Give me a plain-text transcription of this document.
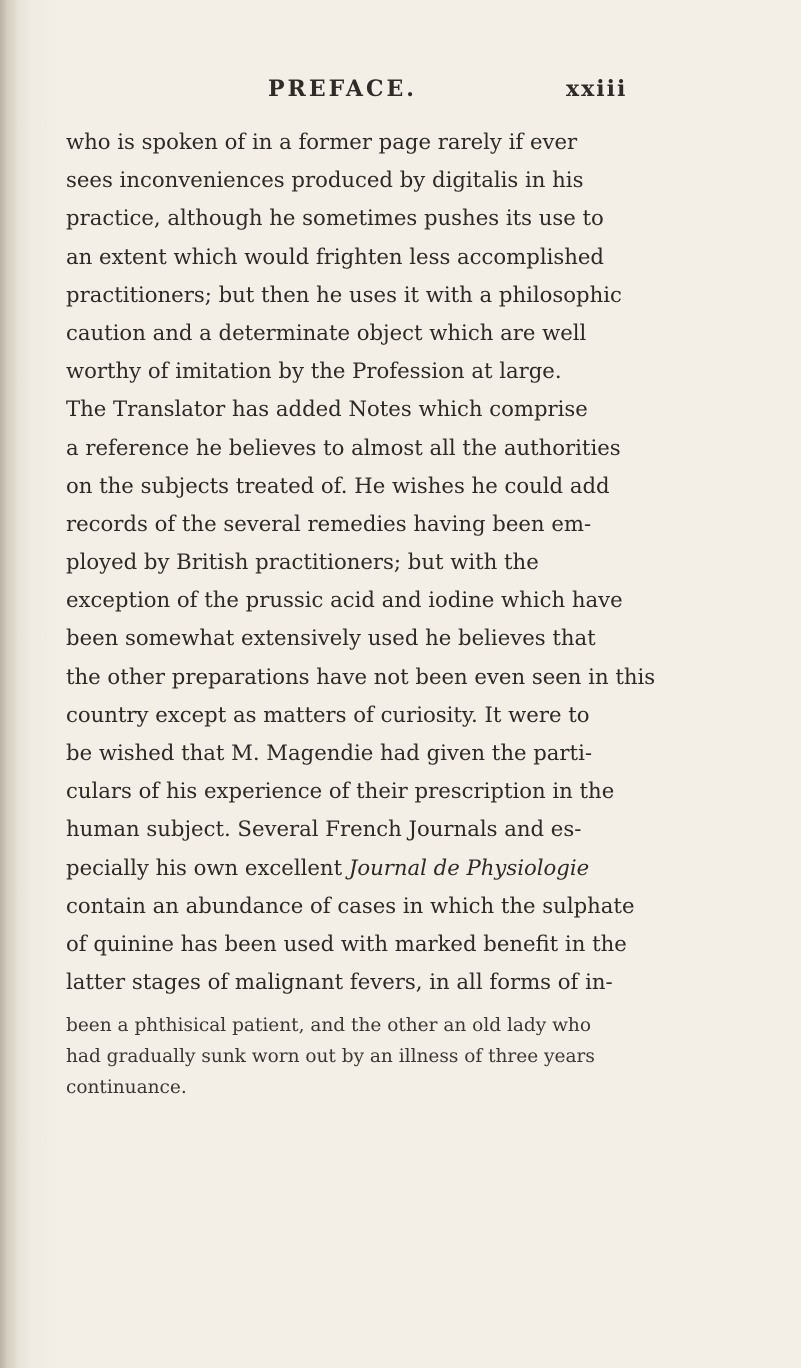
PREFACE.	xxiii
who is spoken of in a former page rarely if ever
sees inconveniences produced by digitalis in his
practice, although he sometimes pushes its use to
an extent which would frighten less accomplished
practitioners; but then he uses it with a philosophic
caution and a determinate object which are well
worthy of imitation by the Profession at large.
The Translator has added Notes which comprise
a reference he believes to almost all the authorities
on the subjects treated of. He wishes he could add
records of the several remedies having been em-
ployed by British practitioners; but with the
exception of the prussic acid and iodine which have
been somewhat extensively used he believes that
the other preparations have not been even seen in this
country except as matters of curiosity. It were to
be wished that M. Magendie had given the parti-
culars of his experience of their prescription in the
human subject. Several French Journals and es-
pecially his own excellent Journal de Physiologie
contain an abundance of cases in which the sulphate
of quinine has been used with marked benefit in the
latter stages of malignant fevers, in all forms of in-
been a phthisical patient, and the other an old lady who
had gradually sunk worn out by an illness of three years
continuance.
